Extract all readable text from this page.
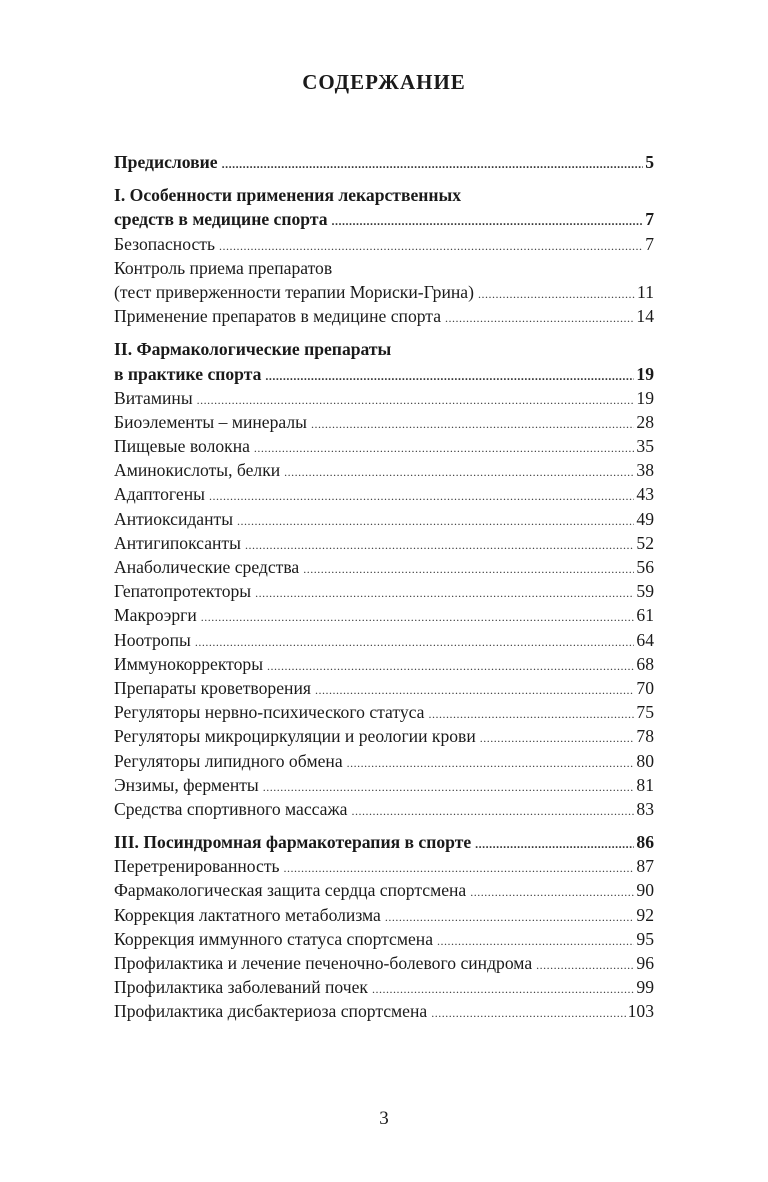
СОДЕРЖАНИЕ
Предисловие .....	5
I. Особенности применения лекарственных
средств в медицине спорта .....	7
Безопасность .....	7
Контроль приема препаратов
(тест приверженности терапии Мориски-Грина) .....	11
Применение препаратов в медицине спорта .....	14
II. Фармакологические препараты
в практике спорта .....	19
Витамины .....	19
Биоэлементы – минералы .....	28
Пищевые волокна .....	35
Аминокислоты, белки .....	38
Адаптогены .....	43
Антиоксиданты .....	49
Антигипоксанты .....	52
Анаболические средства .....	56
Гепатопротекторы .....	59
Макроэрги .....	61
Ноотропы .....	64
Иммунокорректоры .....	68
Препараты кроветворения .....	70
Регуляторы нервно-психического статуса .....	75
Регуляторы микроциркуляции и реологии крови .....	78
Регуляторы липидного обмена .....	80
Энзимы, ферменты .....	81
Средства спортивного массажа .....	83
III. Посиндромная фармакотерапия в спорте .....	86
Перетренированность .....	87
Фармакологическая защита сердца спортсмена .....	90
Коррекция лактатного метаболизма .....	92
Коррекция иммунного статуса спортсмена .....	95
Профилактика и лечение печеночно-болевого синдрома .....	96
Профилактика заболеваний почек .....	99
Профилактика дисбактериоза спортсмена .....	103
3
